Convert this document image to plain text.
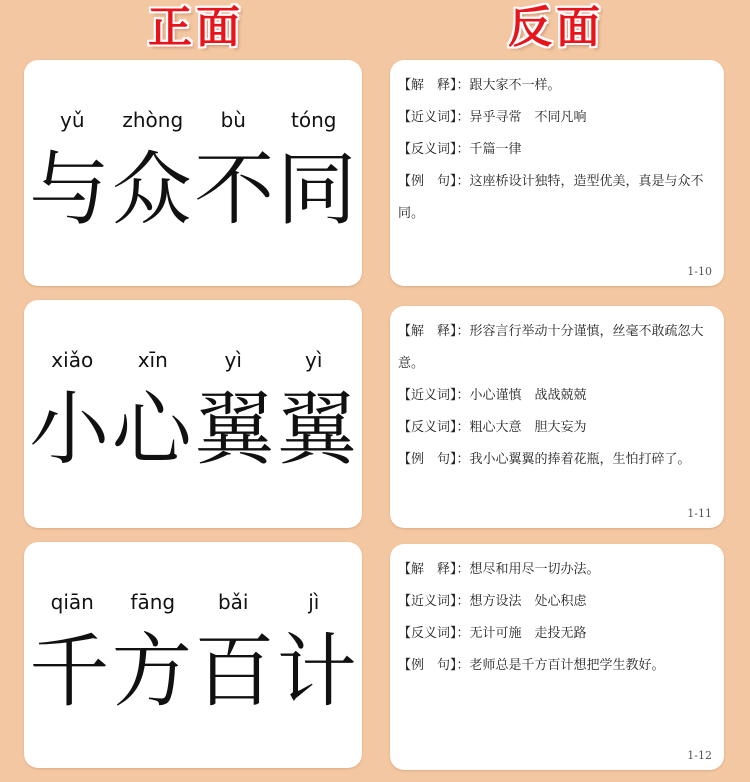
正面	反面
yǔ	zhòng	bù	tóng
与 众 不 同
【解　释】：跟大家不一样。
【近义词】：异乎寻常　不同凡响
【反义词】：千篇一律
【例　句】：这座桥设计独特，造型优美，真是与众不同。
1-10
xiǎo	xīn	yì	yì
小 心 翼 翼
【解　释】：形容言行举动十分谨慎，丝毫不敢疏忽大意。
【近义词】：小心谨慎　战战兢兢
【反义词】：粗心大意　胆大妄为
【例　句】：我小心翼翼的捧着花瓶，生怕打碎了。
1-11
qiān	fāng	bǎi	jì
千 方 百 计
【解　释】：想尽和用尽一切办法。
【近义词】：想方设法　处心积虑
【反义词】：无计可施　走投无路
【例　句】：老师总是千方百计想把学生教好。
1-12
